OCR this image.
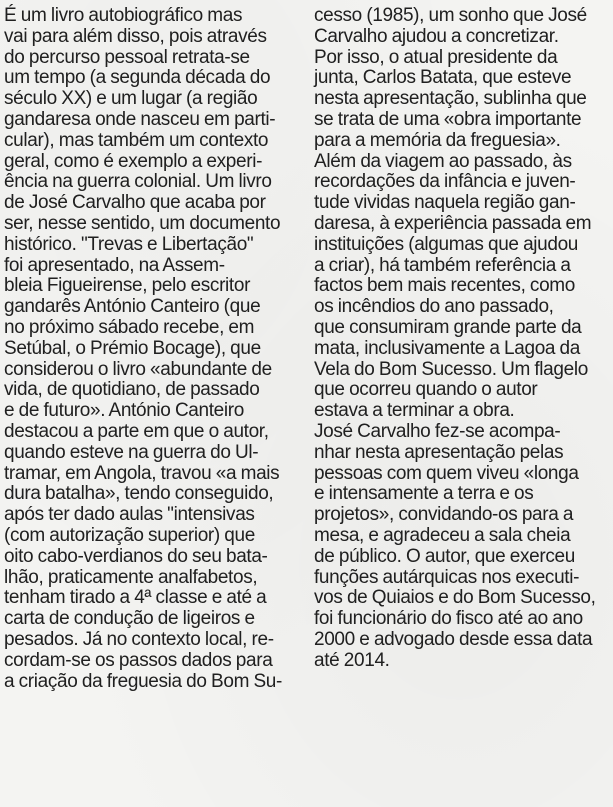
É um livro autobiográfico mas
vai para além disso, pois através
do percurso pessoal retrata-se
um tempo (a segunda década do
século XX) e um lugar (a região
gandaresa onde nasceu em parti-
cular), mas também um contexto
geral, como é exemplo a experi-
ência na guerra colonial. Um livro
de José Carvalho que acaba por
ser, nesse sentido, um documento
histórico. "Trevas e Libertação"
foi apresentado, na Assem-
bleia Figueirense, pelo escritor
gandarês António Canteiro (que
no próximo sábado recebe, em
Setúbal, o Prémio Bocage), que
considerou o livro «abundante de
vida, de quotidiano, de passado
e de futuro». António Canteiro
destacou a parte em que o autor,
quando esteve na guerra do Ul-
tramar, em Angola, travou «a mais
dura batalha», tendo conseguido,
após ter dado aulas "intensivas
(com autorização superior) que
oito cabo-verdianos do seu bata-
lhão, praticamente analfabetos,
tenham tirado a 4ª classe e até a
carta de condução de ligeiros e
pesados. Já no contexto local, re-
cordam-se os passos dados para
a criação da freguesia do Bom Su-
cesso (1985), um sonho que José
Carvalho ajudou a concretizar.
Por isso, o atual presidente da
junta, Carlos Batata, que esteve
nesta apresentação, sublinha que
se trata de uma «obra importante
para a memória da freguesia».
Além da viagem ao passado, às
recordações da infância e juven-
tude vividas naquela região gan-
daresa, à experiência passada em
instituições (algumas que ajudou
a criar), há também referência a
factos bem mais recentes, como
os incêndios do ano passado,
que consumiram grande parte da
mata, inclusivamente a Lagoa da
Vela do Bom Sucesso. Um flagelo
que ocorreu quando o autor
estava a terminar a obra.
José Carvalho fez-se acompa-
nhar nesta apresentação pelas
pessoas com quem viveu «longa
e intensamente a terra e os
projetos», convidando-os para a
mesa, e agradeceu a sala cheia
de público. O autor, que exerceu
funções autárquicas nos executi-
vos de Quiaios e do Bom Sucesso,
foi funcionário do fisco até ao ano
2000 e advogado desde essa data
até 2014.
